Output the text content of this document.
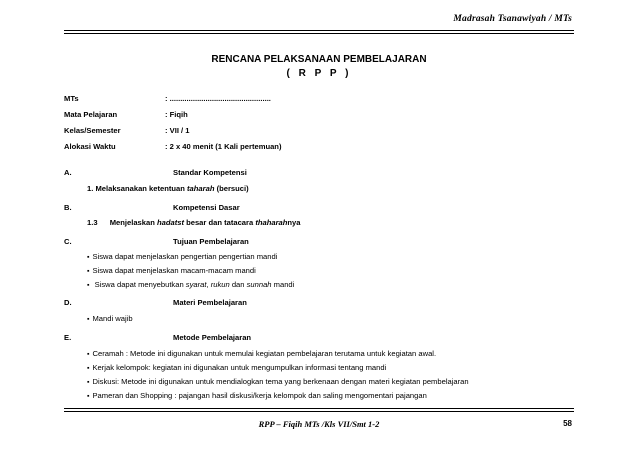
Madrasah Tsanawiyah / MTs
RENCANA PELAKSANAAN PEMBELAJARAN
( R P P )
MTs	: ................................................
Mata Pelajaran	: Fiqih
Kelas/Semester	: VII / 1
Alokasi Waktu	: 2 x 40 menit (1 Kali pertemuan)
A.	Standar Kompetensi
1. Melaksanakan ketentuan taharah (bersuci)
B.	Kompetensi Dasar
1.3 Menjelaskan hadatst besar dan tatacara thaharahnya
C.	Tujuan Pembelajaran
▪ Siswa dapat menjelaskan pengertian pengertian mandi
▪ Siswa dapat menjelaskan macam-macam mandi
▪ Siswa dapat menyebutkan syarat, rukun dan sunnah mandi
D.	Materi Pembelajaran
▪ Mandi wajib
E.	Metode Pembelajaran
▪ Ceramah : Metode ini digunakan untuk memulai kegiatan pembelajaran terutama untuk kegiatan awal.
▪ Kerjak kelompok: kegiatan ini digunakan untuk mengumpulkan informasi tentang mandi
▪ Diskusi: Metode ini digunakan untuk mendialogkan tema yang berkenaan dengan materi kegiatan pembelajaran
▪ Pameran dan Shopping : pajangan hasil diskusi/kerja kelompok dan saling mengomentari pajangan
RPP – Fiqih MTs /Kls VII/Smt 1-2	58
